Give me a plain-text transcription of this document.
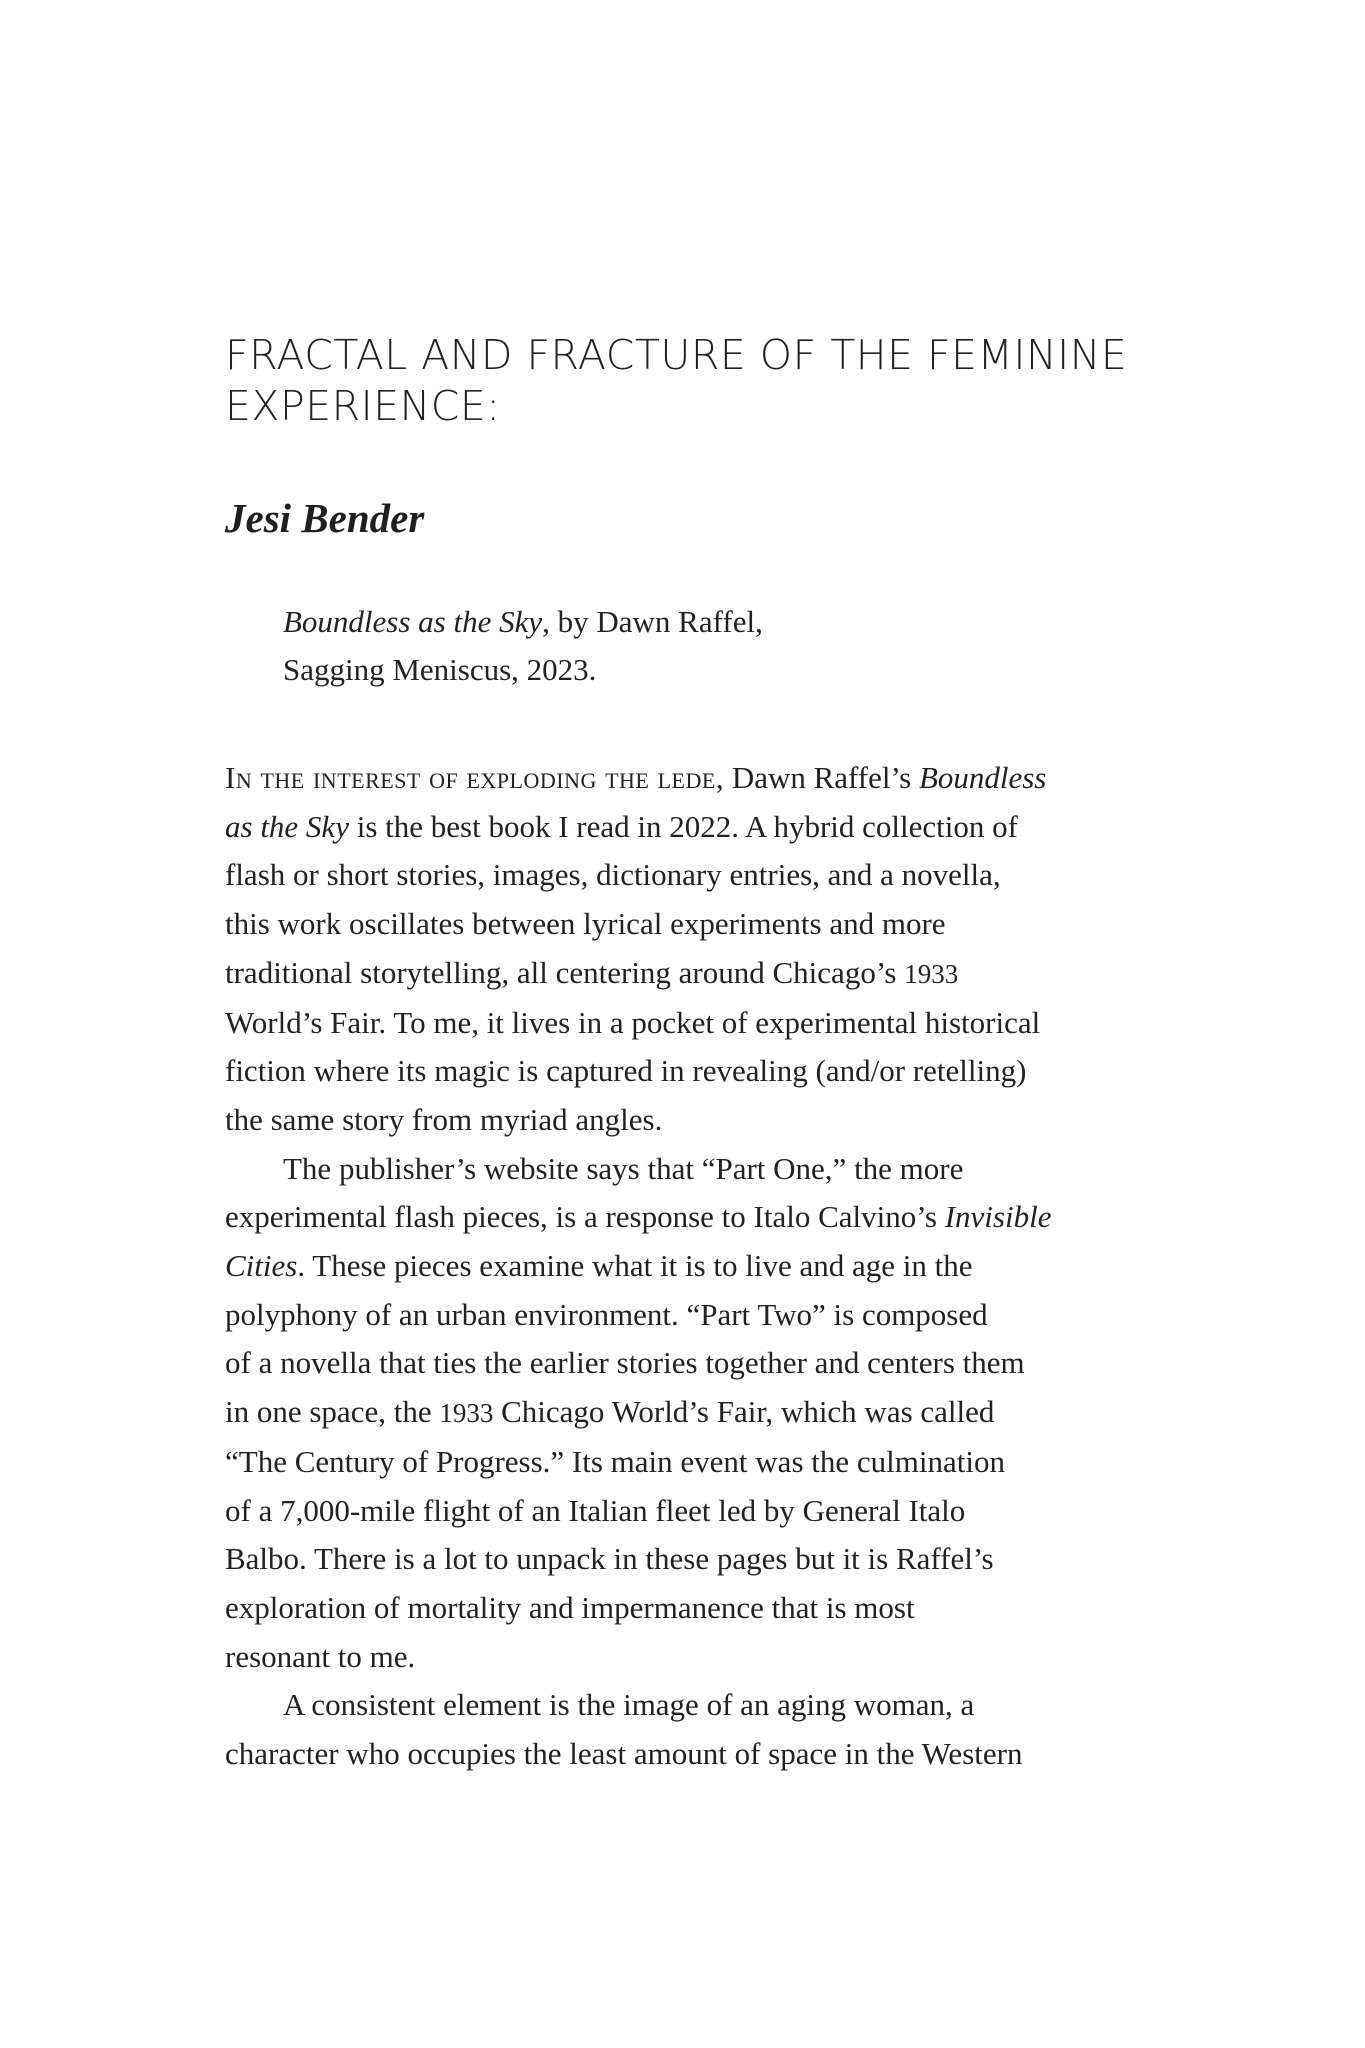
FRACTAL AND FRACTURE OF THE FEMININE
EXPERIENCE:
Jesi Bender
Boundless as the Sky, by Dawn Raffel,
Sagging Meniscus, 2023.
In the interest of exploding the lede, Dawn Raffel’s Boundless
as the Sky is the best book I read in 2022. A hybrid collection of
flash or short stories, images, dictionary entries, and a novella,
this work oscillates between lyrical experiments and more
traditional storytelling, all centering around Chicago’s 1933
World’s Fair. To me, it lives in a pocket of experimental historical
fiction where its magic is captured in revealing (and/or retelling)
the same story from myriad angles.
The publisher’s website says that “Part One,” the more
experimental flash pieces, is a response to Italo Calvino’s Invisible
Cities. These pieces examine what it is to live and age in the
polyphony of an urban environment. “Part Two” is composed
of a novella that ties the earlier stories together and centers them
in one space, the 1933 Chicago World’s Fair, which was called
“The Century of Progress.” Its main event was the culmination
of a 7,000-mile flight of an Italian fleet led by General Italo
Balbo. There is a lot to unpack in these pages but it is Raffel’s
exploration of mortality and impermanence that is most
resonant to me.
A consistent element is the image of an aging woman, a
character who occupies the least amount of space in the Western
